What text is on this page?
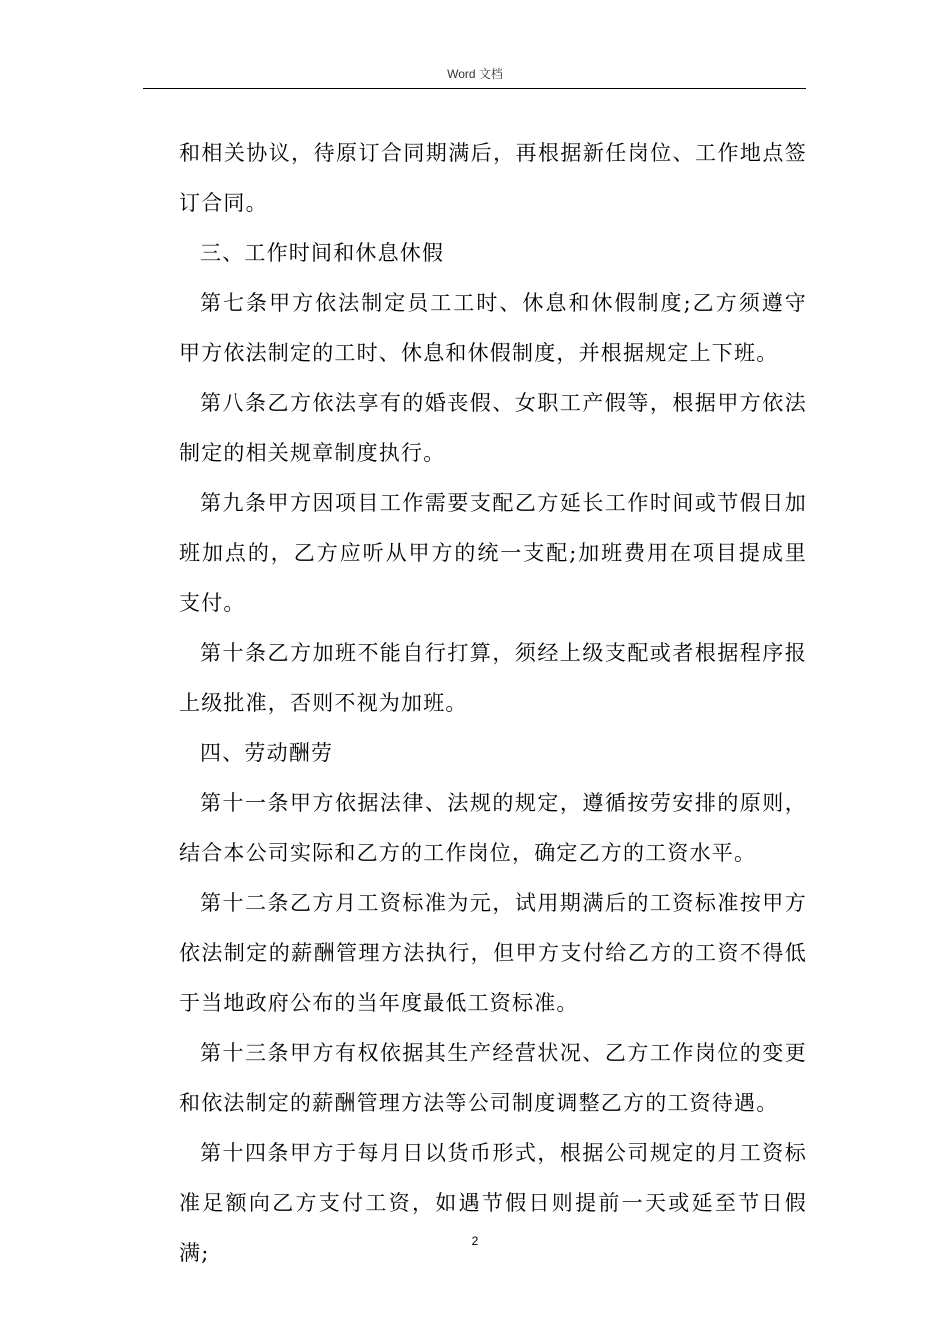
Word 文档

和相关协议，待原订合同期满后，再根据新任岗位、工作地点签订合同。

三、工作时间和休息休假

第七条甲方依法制定员工工时、休息和休假制度;乙方须遵守甲方依法制定的工时、休息和休假制度，并根据规定上下班。

第八条乙方依法享有的婚丧假、女职工产假等，根据甲方依法制定的相关规章制度执行。

第九条甲方因项目工作需要支配乙方延长工作时间或节假日加班加点的，乙方应听从甲方的统一支配;加班费用在项目提成里支付。

第十条乙方加班不能自行打算，须经上级支配或者根据程序报上级批准，否则不视为加班。

四、劳动酬劳

第十一条甲方依据法律、法规的规定，遵循按劳安排的原则，结合本公司实际和乙方的工作岗位，确定乙方的工资水平。

第十二条乙方月工资标准为元，试用期满后的工资标准按甲方依法制定的薪酬管理方法执行，但甲方支付给乙方的工资不得低于当地政府公布的当年度最低工资标准。

第十三条甲方有权依据其生产经营状况、乙方工作岗位的变更和依法制定的薪酬管理方法等公司制度调整乙方的工资待遇。

第十四条甲方于每月日以货币形式，根据公司规定的月工资标准足额向乙方支付工资，如遇节假日则提前一天或延至节日假满;	2
